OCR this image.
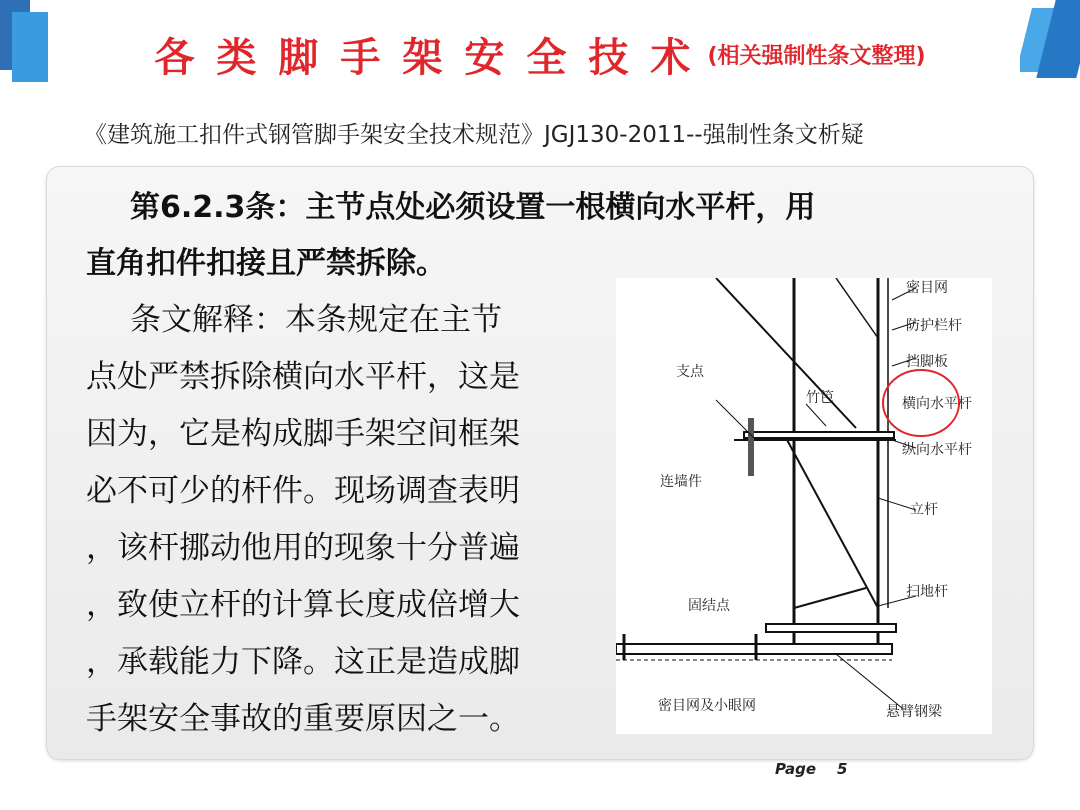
各类脚手架安全技术 (相关强制性条文整理)
《建筑施工扣件式钢管脚手架安全技术规范》JGJ130-2011--强制性条文析疑
第6.2.3条：主节点处必须设置一根横向水平杆，用
直角扣件扣接且严禁拆除。
条文解释：本条规定在主节
点处严禁拆除横向水平杆，这是
因为，它是构成脚手架空间框架
必不可少的杆件。现场调查表明
，该杆挪动他用的现象十分普遍
，致使立杆的计算长度成倍增大
，承载能力下降。这正是造成脚
手架安全事故的重要原因之一。
密目网
防护栏杆
挡脚板
横向水平杆
纵向水平杆
立杆
扫地杆
支点
竹笆
连墙件
固结点
密目网及小眼网	悬臂钢梁
Page 5
